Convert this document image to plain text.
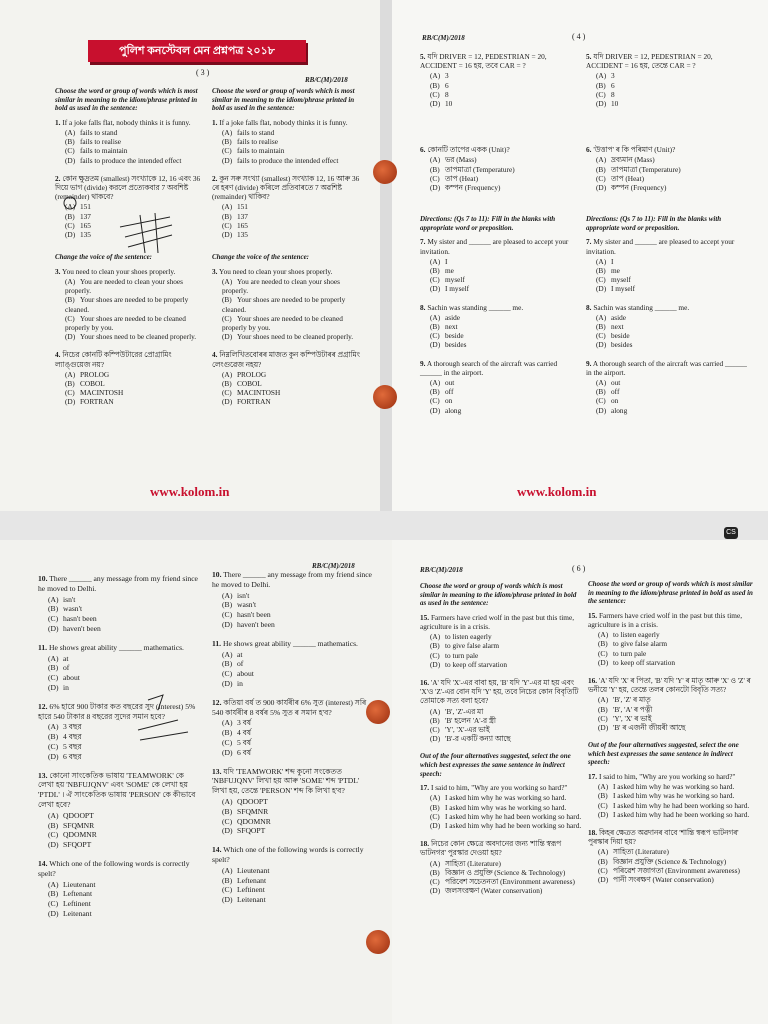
পুলিশ কনস্টেবল মেন প্রশ্নপত্র ২০১৮
( 3 )
RB/C(M)/2018
Choose the word or group of words which is most similar in meaning to the idiom/phrase printed in bold as used in the sentence:
1. If a joke falls flat, nobody thinks it is funny.
(A) fails to stand
(B) fails to realise
(C) fails to maintain
(D) fails to produce the intended effect
2. কোন ক্ষুদ্রতম (smallest) সংখ্যাকে 12, 16 এবং 36 দিয়ে ভাগ (divide) করলে প্রত্যেকবার 7 অবশিষ্ট (remainder) থাকবে?
(A) 151
(B) 137
(C) 165
(D) 135
Change the voice of the sentence:
3. You need to clean your shoes properly.
(A) You are needed to clean your shoes properly.
(B) Your shoes are needed to be properly cleaned.
(C) Your shoes are needed to be cleaned properly by you.
(D) Your shoes need to be cleaned properly.
4. নিচের কোনটি কম্পিউটারের প্রোগ্রামিং ল্যাঙ্গুয়েজ নয়?
(A) PROLOG
(B) COBOL
(C) MACINTOSH
(D) FORTRAN
Choose the word or group of words which is most similar in meaning to the idiom/phrase printed in bold as used in the sentence:
1. If a joke falls flat, nobody thinks it is funny.
(A) fails to stand
(B) fails to realise
(C) fails to maintain
(D) fails to produce the intended effect
2. কুন সৰু সংখ্যা (smallest) সংখ্যাক 12, 16 আৰু 36 ৰে হৰণ (divide) কৰিলে প্ৰতিবাৰতে 7 অৱশিষ্ট (remainder) থাকিব?
(A) 151
(B) 137
(C) 165
(D) 135
Change the voice of the sentence:
3. You need to clean your shoes properly.
(A) You are needed to clean your shoes properly.
(B) Your shoes are needed to be properly cleaned.
(C) Your shoes are needed to be cleaned properly by you.
(D) Your shoes need to be cleaned properly.
4. নিম্নলিখিতবোৰৰ মাজত কুন কম্পিউটাৰৰ প্ৰগ্ৰামিং লেংগুৱেজ নহয়?
(A) PROLOG
(B) COBOL
(C) MACINTOSH
(D) FORTRAN
www.kolom.in
RB/C(M)/2018	( 4 )
5. যদি DRIVER = 12, PEDESTRIAN = 20, ACCIDENT = 16 হয়, তবে CAR = ?
(A) 3
(B) 6
(C) 8
(D) 10
6. কোনটি তাপের একক (Unit)?
(A) ভর (Mass)
(B) তাপমাত্রা (Temperature)
(C) তাপ (Heat)
(D) কম্পন (Frequency)
Directions: (Qs 7 to 11): Fill in the blanks with appropriate word or preposition.
7. My sister and ______ are pleased to accept your invitation.
(A) I
(B) me
(C) myself
(D) I myself
8. Sachin was standing ______ me.
(A) aside
(B) next
(C) beside
(D) besides
9. A thorough search of the aircraft was carried ______ in the airport.
(A) out
(B) off
(C) on
(D) along
5. যদি DRIVER = 12, PEDESTRIAN = 20, ACCIDENT = 16 হয়, তেন্তে CAR = ?
(A) 3
(B) 6
(C) 8
(D) 10
6. 'উত্তাপ' ৰ কি পৰিমাণ (Unit)?
(A) দ্ৰব্যমান (Mass)
(B) তাপমাত্ৰা (Temperature)
(C) তাপ (Heat)
(D) কম্পন (Frequency)
Directions: (Qs 7 to 11): Fill in the blanks with appropriate word or preposition.
7. My sister and ______ are pleased to accept your invitation.
(A) I
(B) me
(C) myself
(D) I myself
8. Sachin was standing ______ me.
(A) aside
(B) next
(C) beside
(D) besides
9. A thorough search of the aircraft was carried ______ in the airport.
(A) out
(B) off
(C) on
(D) along
www.kolom.in
CS
RB/C(M)/2018
10. There ______ any message from my friend since he moved to Delhi.
(A) isn't
(B) wasn't
(C) hasn't been
(D) haven't been
11. He shows great ability ______ mathematics.
(A) at
(B) of
(C) about
(D) in
12. 6% হারে 900 টাকার কত বছরের সুদ (interest) 5% হারে 540 টাকার 8 বছরের সুদের সমান হবে?
(A) 3 বছর
(B) 4 বছর
(C) 5 বছর
(D) 6 বছর
13. কোনো সাংকেতিক ভাষায় 'TEAMWORK' কে লেখা হয় 'NBFUJQNV' এবং 'SOME' কে লেখা হয় 'PTDL' । ঐ সাংকেতিক ভাষায় 'PERSON' কে কীভাবে লেখা হবে?
(A) QDOOPT
(B) SFQMNR
(C) QDOMNR
(D) SFQOPT
14. Which one of the following words is correctly spelt?
(A) Lieutenant
(B) Leftenant
(C) Leftinent
(D) Leitenant
10. There ______ any message from my friend since he moved to Delhi.
(A) isn't
(B) wasn't
(C) hasn't been
(D) haven't been
11. He shows great ability ______ mathematics.
(A) at
(B) of
(C) about
(D) in
12. কতিয়া বৰ্ষ ত 900 কাৰ্যৰীৰ 6% সুত (interest) সৰি 540 কাৰ্যৰীৰ 8 বৰ্ষৰ 5% সুত ৰ সমান হ'ব?
(A) 3 বৰ্ষ
(B) 4 বৰ্ষ
(C) 5 বৰ্ষ
(D) 6 বৰ্ষ
13. যদি 'TEAMWORK' শব্দ কুনো সংকেতত 'NBFUJQNV' লিখা হয় আৰু 'SOME' শব্দ 'PTDL' লিখা হয়, তেন্তে 'PERSON' শব্দ কি লিখা হ'ব?
(A) QDOOPT
(B) SFQMNR
(C) QDOMNR
(D) SFQOPT
14. Which one of the following words is correctly spelt?
(A) Lieutenant
(B) Leftenant
(C) Leftinent
(D) Leitenant
RB/C(M)/2018	( 6 )
Choose the word or group of words which is most similar in meaning to the idiom/phrase printed in bold as used in the sentence:
15. Farmers have cried wolf in the past but this time, agriculture is in a crisis.
(A) to listen eagerly
(B) to give false alarm
(C) to turn pale
(D) to keep off starvation
16. 'A' যদি 'X'-এর বাবা হয়, 'B' যদি 'Y'-এর মা হয় এবং 'X'ও 'Z'-এর বোন যদি 'Y' হয়, তবে নিচের কোন বিবৃতিটি তোমাকে সত্য বলা হবে?
(A) 'B', 'Z'-এর মা
(B) 'B' হলেন 'A'-র স্ত্রী
(C) 'Y', 'X'-এর ভাই
(D) 'B'-র একটি কন্যা আছে
Out of the four alternatives suggested, select the one which best expresses the same sentence in indirect speech:
17. I said to him, "Why are you working so hard?"
(A) I asked him why he was working so hard.
(B) I asked him why was he working so hard.
(C) I asked him why he had been working so hard.
(D) I asked him why had he been working so hard.
18. নিচের কোন ক্ষেত্রে অবদানের জন্য 'শান্তি স্বরূপ ভাটনগর' পুরস্কার দেওয়া হয়?
(A) সাহিত্য (Literature)
(B) বিজ্ঞান ও প্রযুক্তি (Science & Technology)
(C) পরিবেশ সচেতনতা (Environment awareness)
(D) জলসংরক্ষণ (Water conservation)
Choose the word or group of words which is most similar in meaning to the idiom/phrase printed in bold as used in the sentence:
15. Farmers have cried wolf in the past but this time, agriculture is in a crisis.
(A) to listen eagerly
(B) to give false alarm
(C) to turn pale
(D) to keep off starvation
16. 'A' যদি 'X' ৰ পিতা, 'B' যদি 'Y' ৰ মাতৃ আৰু 'X' ও 'Z' ৰ ভনীয়ে 'Y' হয়, তেন্তে তলৰ কোনটো বিবৃতি সত্য?
(A) 'B', 'Z' ৰ মাতৃ
(B) 'B', 'A' ৰ পত্নী
(C) 'Y', 'X' ৰ ভাই
(D) 'B' ৰ এজনী জীয়ৰী আছে
Out of the four alternatives suggested, select the one which best expresses the same sentence in indirect speech:
17. I said to him, "Why are you working so hard?"
(A) I asked him why he was working so hard.
(B) I asked him why was he working so hard.
(C) I asked him why he had been working so hard.
(D) I asked him why had he been working so hard.
18. কিহৰ ক্ষেত্ৰত অৱদানৰ বাবে 'শান্তি স্বৰূপ ভাটনগৰ' পুৰস্কাৰ দিয়া হয়?
(A) সাহিত্য (Literature)
(B) বিজ্ঞান প্ৰযুক্তি (Science & Technology)
(C) পৰিৱেশ সজাগতা (Environment awareness)
(D) পানী সংৰক্ষণ (Water conservation)
